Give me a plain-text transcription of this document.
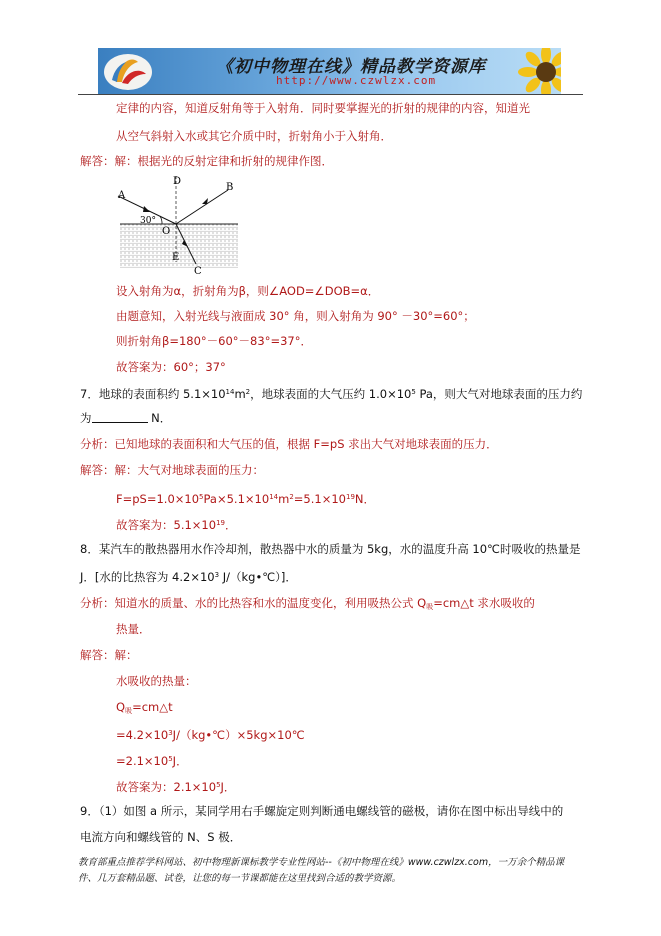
《初中物理在线》精品教学资源库
http://www.czwlzx.com
定律的内容，知道反射角等于入射角．同时要掌握光的折射的规律的内容，知道光
从空气斜射入水或其它介质中时，折射角小于入射角．
解答：解：根据光的反射定律和折射的规律作图．
A
B
C
D
E
O
30°
设入射角为α，折射角为β，则∠AOD=∠DOB=α．
由题意知，入射光线与液面成 30° 角，则入射角为 90° －30°=60°；
则折射角β=180°－60°－83°=37°．
故答案为：60°；37°
7．地球的表面积约 $5.1\times 10^{14}m^2$，地球表面的大气压约 $1.0\times 10^5$ Pa，则大气对地球表面的压力约
为	N．
分析：已知地球的表面积和大气压的值，根据 F=pS 求出大气对地球表面的压力．
解答：解：大气对地球表面的压力：
$F=pS=1.0\times 10^5Pa\times 5.1\times 10^{14}m^2=5.1\times 10^{19}N$．
故答案为：$5.1\times 10^{19}$．
8．某汽车的散热器用水作冷却剂，散热器中水的质量为 5kg，水的温度升高 10℃时吸收的热量是
J．[水的比热容为 $4.2\times 10^3$ J/（kg•℃）]．
分析：知道水的质量、水的比热容和水的温度变化，利用吸热公式 $Q_吸=cm\triangle t$ 求水吸收的
热量．
解答：解：
水吸收的热量：
$Q_吸=cm\triangle t$
$=4.2\times 10^3J/(kg•℃)\times 5kg\times 10℃$
$=2.1\times 10^5J$．
故答案为：$2.1\times 10^5J$．
9．（1）如图 a 所示，某同学用右手螺旋定则判断通电螺线管的磁极，请你在图中标出导线中的
电流方向和螺线管的 N、S 极．
教育部重点推荐学科网站、初中物理新课标教学专业性网站--《初中物理在线》www.czwlzx.com，一万余个精品课
件、几万套精品题、试卷，让您的每一节课都能在这里找到合适的教学资源。
